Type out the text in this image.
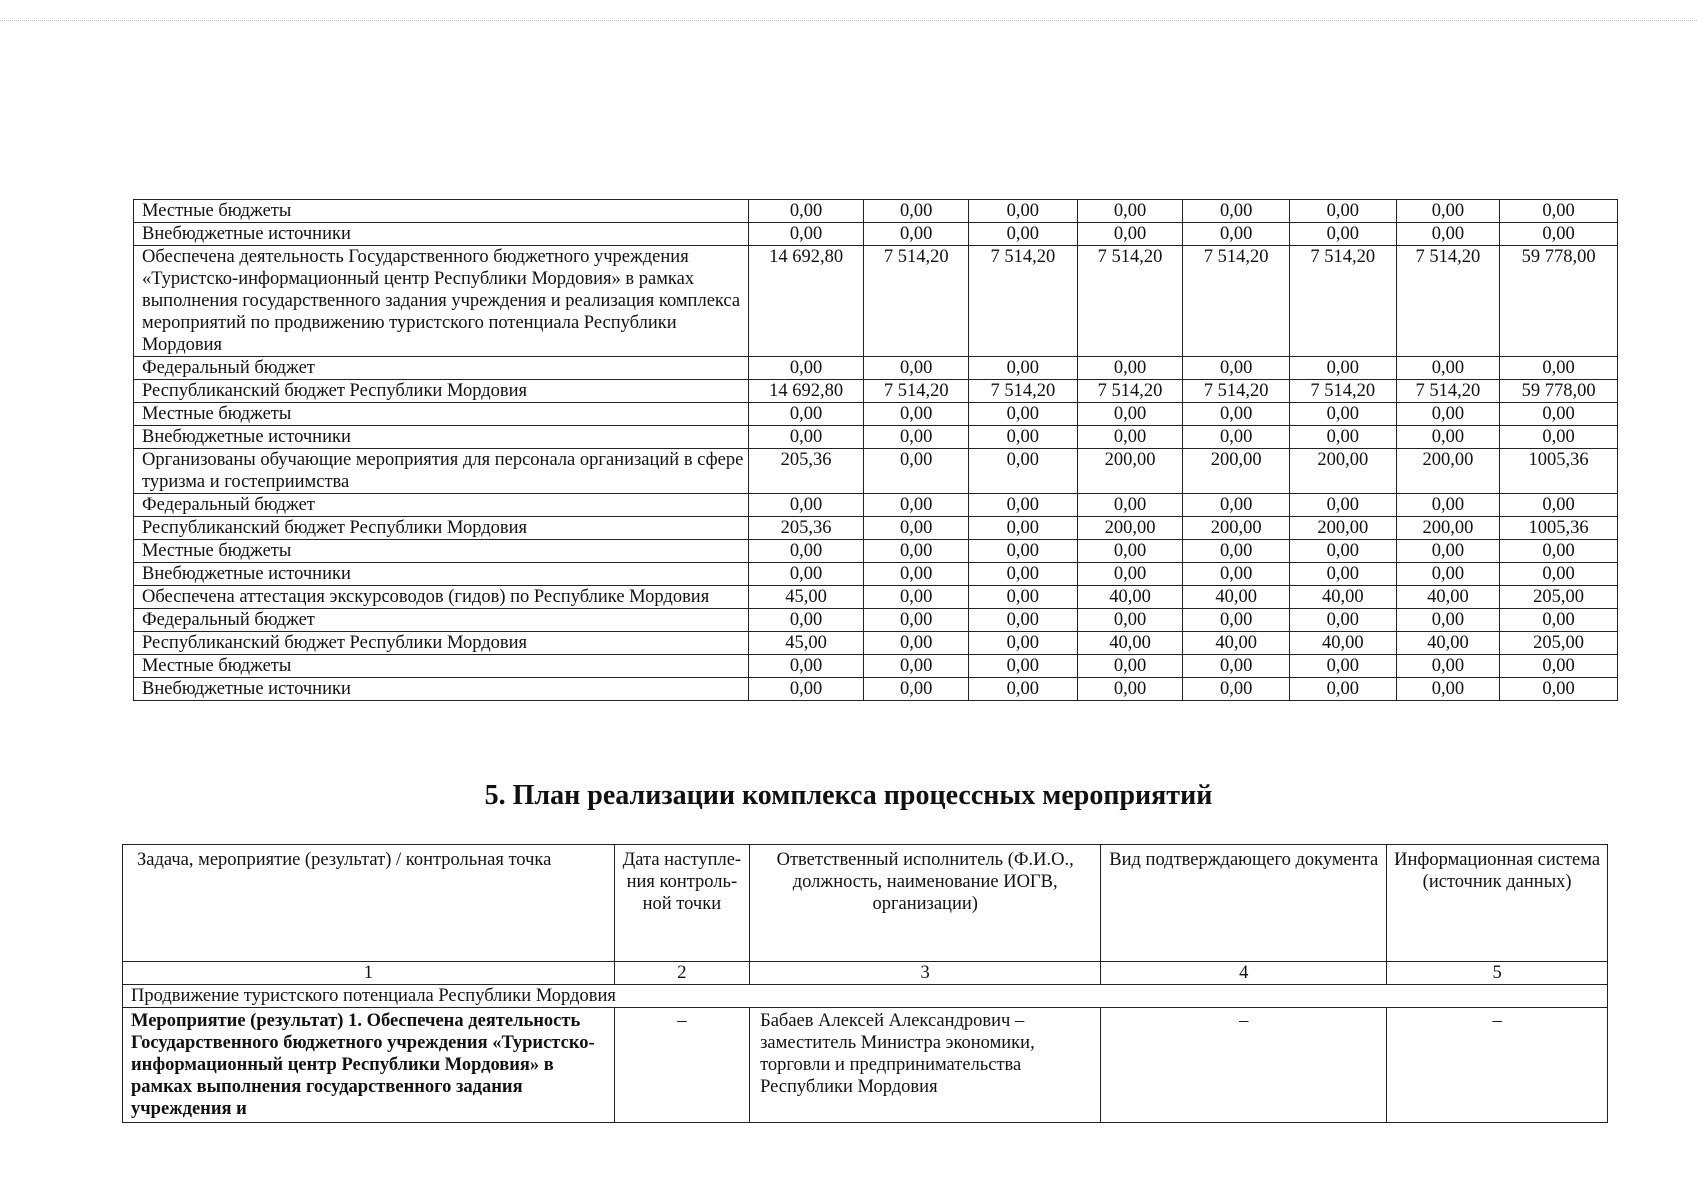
Местные бюджеты	0,00	0,00	0,00	0,00	0,00	0,00	0,00	0,00
Внебюджетные источники	0,00	0,00	0,00	0,00	0,00	0,00	0,00	0,00
Обеспечена деятельность Государственного бюджетного учреждения «Туристско-информационный центр Республики Мордовия» в рамках выполнения государственного задания учреждения и реализация комплекса мероприятий по продвижению туристского потенциала Республики Мордовия	14 692,80	7 514,20	7 514,20	7 514,20	7 514,20	7 514,20	7 514,20	59 778,00
Федеральный бюджет	0,00	0,00	0,00	0,00	0,00	0,00	0,00	0,00
Республиканский бюджет Республики Мордовия	14 692,80	7 514,20	7 514,20	7 514,20	7 514,20	7 514,20	7 514,20	59 778,00
Местные бюджеты	0,00	0,00	0,00	0,00	0,00	0,00	0,00	0,00
Внебюджетные источники	0,00	0,00	0,00	0,00	0,00	0,00	0,00	0,00
Организованы обучающие мероприятия для персонала организаций в сфере туризма и гостеприимства	205,36	0,00	0,00	200,00	200,00	200,00	200,00	1005,36
Федеральный бюджет	0,00	0,00	0,00	0,00	0,00	0,00	0,00	0,00
Республиканский бюджет Республики Мордовия	205,36	0,00	0,00	200,00	200,00	200,00	200,00	1005,36
Местные бюджеты	0,00	0,00	0,00	0,00	0,00	0,00	0,00	0,00
Внебюджетные источники	0,00	0,00	0,00	0,00	0,00	0,00	0,00	0,00
Обеспечена аттестация экскурсоводов (гидов) по Республике Мордовия	45,00	0,00	0,00	40,00	40,00	40,00	40,00	205,00
Федеральный бюджет	0,00	0,00	0,00	0,00	0,00	0,00	0,00	0,00
Республиканский бюджет Республики Мордовия	45,00	0,00	0,00	40,00	40,00	40,00	40,00	205,00
Местные бюджеты	0,00	0,00	0,00	0,00	0,00	0,00	0,00	0,00
Внебюджетные источники	0,00	0,00	0,00	0,00	0,00	0,00	0,00	0,00
5. План реализации комплекса процессных мероприятий
Задача, мероприятие (результат) / контрольная точка	Дата наступле-ния контроль-ной точки	Ответственный исполнитель (Ф.И.О., должность, наименование ИОГВ, организации)	Вид подтверждающего документа	Информационная система (источник данных)
1	2	3	4	5
Продвижение туристского потенциала Республики Мордовия				
Мероприятие (результат) 1. Обеспечена деятельность Государственного бюджетного учреждения «Туристско-информационный центр Республики Мордовия» в рамках выполнения государственного задания учреждения и	–	Бабаев Алексей Александрович – заместитель Министра экономики, торговли и предпринимательства Республики Мордовия	–	–
